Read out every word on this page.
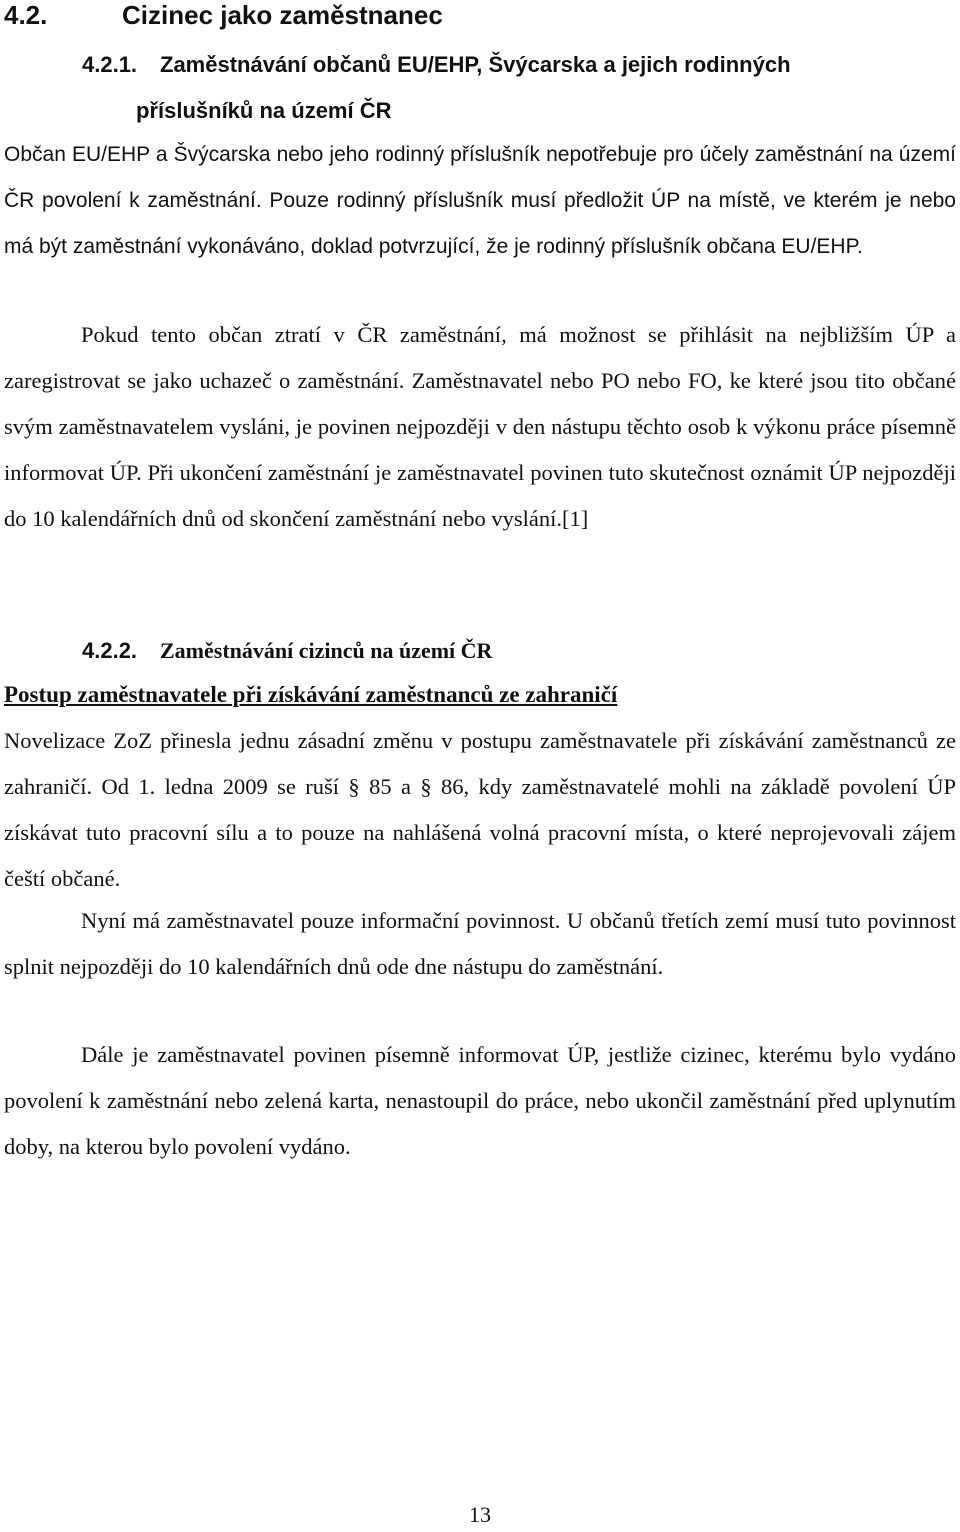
4.2.	Cizinec jako zaměstnanec
4.2.1. Zaměstnávání občanů EU/EHP, Švýcarska a jejich rodinných
příslušníků na území ČR

Občan EU/EHP a Švýcarska nebo jeho rodinný příslušník nepotřebuje pro účely zaměstnání na území ČR povolení k zaměstnání. Pouze rodinný příslušník musí předložit ÚP na místě, ve kterém je nebo má být zaměstnání vykonáváno, doklad potvrzující, že je rodinný příslušník občana EU/EHP.

Pokud tento občan ztratí v ČR zaměstnání, má možnost se přihlásit na nejbližším ÚP a zaregistrovat se jako uchazeč o zaměstnání. Zaměstnavatel nebo PO nebo FO, ke které jsou tito občané svým zaměstnavatelem vysláni, je povinen nejpozději v den nástupu těchto osob k výkonu práce písemně informovat ÚP. Při ukončení zaměstnání je zaměstnavatel povinen tuto skutečnost oznámit ÚP nejpozději do 10 kalendářních dnů od skončení zaměstnání nebo vyslání.[1]

4.2.2. Zaměstnávání cizinců na území ČR
Postup zaměstnavatele při získávání zaměstnanců ze zahraničí

Novelizace ZoZ přinesla jednu zásadní změnu v postupu zaměstnavatele při získávání zaměstnanců ze zahraničí. Od 1. ledna 2009 se ruší § 85 a § 86, kdy zaměstnavatelé mohli na základě povolení ÚP získávat tuto pracovní sílu a to pouze na nahlášená volná pracovní místa, o které neprojevovali zájem čeští občané.

Nyní má zaměstnavatel pouze informační povinnost. U občanů třetích zemí musí tuto povinnost splnit nejpozději do 10 kalendářních dnů ode dne nástupu do zaměstnání.

Dále je zaměstnavatel povinen písemně informovat ÚP, jestliže cizinec, kterému bylo vydáno povolení k zaměstnání nebo zelená karta, nenastoupil do práce, nebo ukončil zaměstnání před uplynutím doby, na kterou bylo povolení vydáno.

13
